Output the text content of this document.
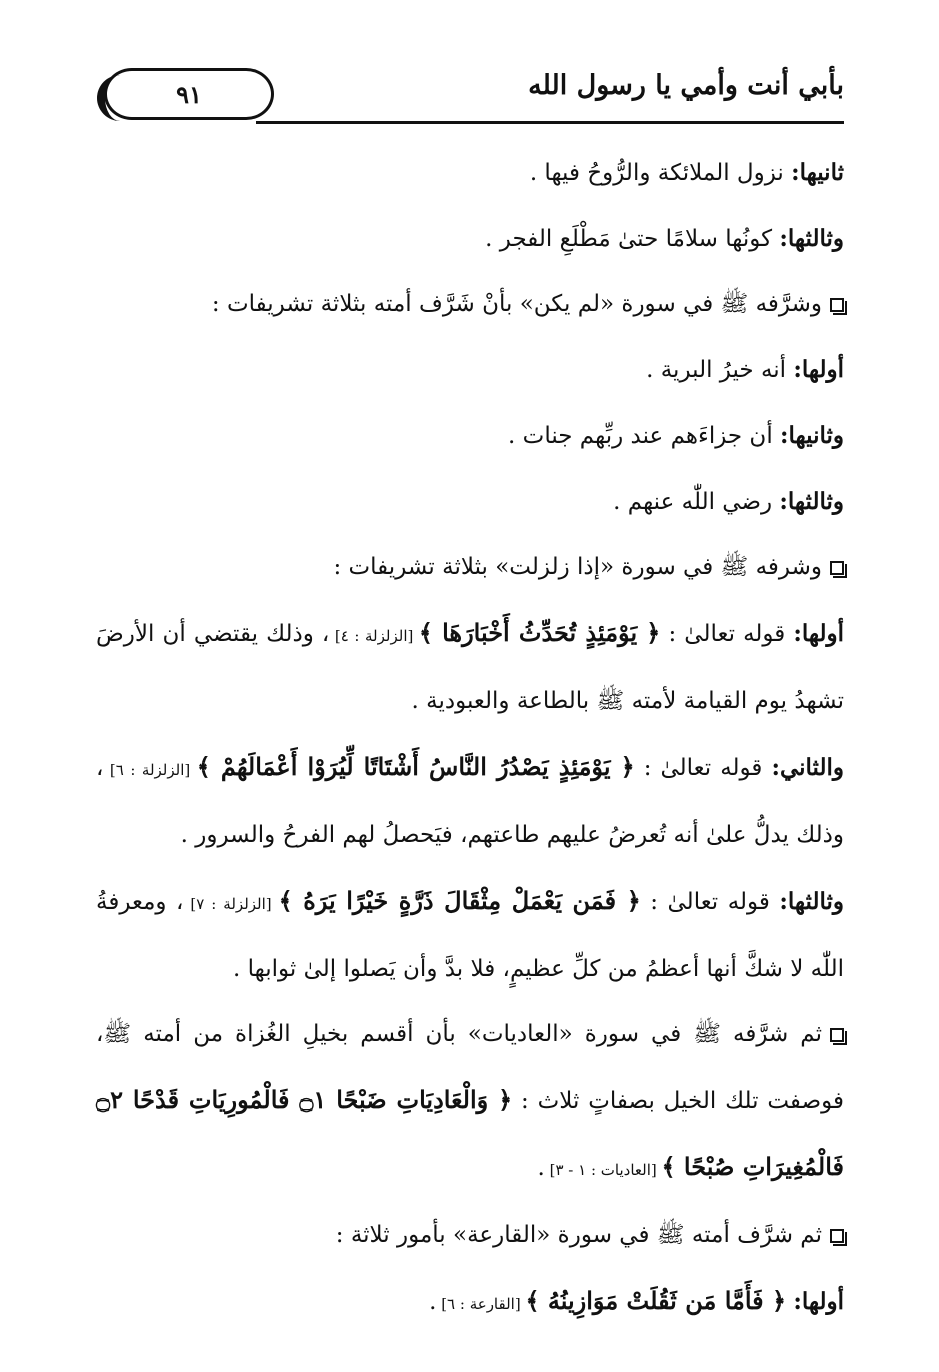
٩١	بأبي أنت وأمي يا رسول الله

ثانيها: نزول الملائكة والرُّوحُ فيها .

وثالثها: كونُها سلامًا حتىٰ مَطْلَعِ الفجر .

وشرَّفه ﷺ في سورة «لم يكن» بأنْ شَرَّف أمته بثلاثة تشريفات :

أولها: أنه خيرُ البرية .

وثانيها: أن جزاءَهم عند ربِّهم جنات .

وثالثها: رضي اللّٰه عنهم .

وشرفه ﷺ في سورة «إذا زلزلت» بثلاثة تشريفات :

أولها: قوله تعالىٰ : ﴿ يَوْمَئِذٍ تُحَدِّثُ أَخْبَارَهَا ﴾ [الزلزلة : ٤] ، وذلك يقتضي أن الأرضَ تشهدُ يوم القيامة لأمته ﷺ بالطاعة والعبودية .

والثاني: قوله تعالىٰ : ﴿ يَوْمَئِذٍ يَصْدُرُ النَّاسُ أَشْتَاتًا لِّيُرَوْا أَعْمَالَهُمْ ﴾ [الزلزلة : ٦] ، وذلك يدلُّ علىٰ أنه تُعرضُ عليهم طاعتهم، فيَحصلُ لهم الفرحُ والسرور .

وثالثها: قوله تعالىٰ : ﴿ فَمَن يَعْمَلْ مِثْقَالَ ذَرَّةٍ خَيْرًا يَرَهُ ﴾ [الزلزلة : ٧] ، ومعرفةُ اللّٰه لا شكَّ أنها أعظمُ من كلِّ عظيمٍ، فلا بدَّ وأن يَصلوا إلىٰ ثوابها .

ثم شرَّفه ﷺ في سورة «العاديات» بأن أقسم بخيلِ الغُزاة من أمته ﷺ، فوصفت تلك الخيل بصفاتٍ ثلاث : ﴿ وَالْعَادِيَاتِ ضَبْحًا ۝١ فَالْمُورِيَاتِ قَدْحًا ۝٢ فَالْمُغِيرَاتِ صُبْحًا ﴾ [العاديات : ١ - ٣] .

ثم شرَّف أمته ﷺ في سورة «القارعة» بأمور ثلاثة :

أولها: ﴿ فَأَمَّا مَن ثَقُلَتْ مَوَازِينُهُ ﴾ [القارعة : ٦] .
